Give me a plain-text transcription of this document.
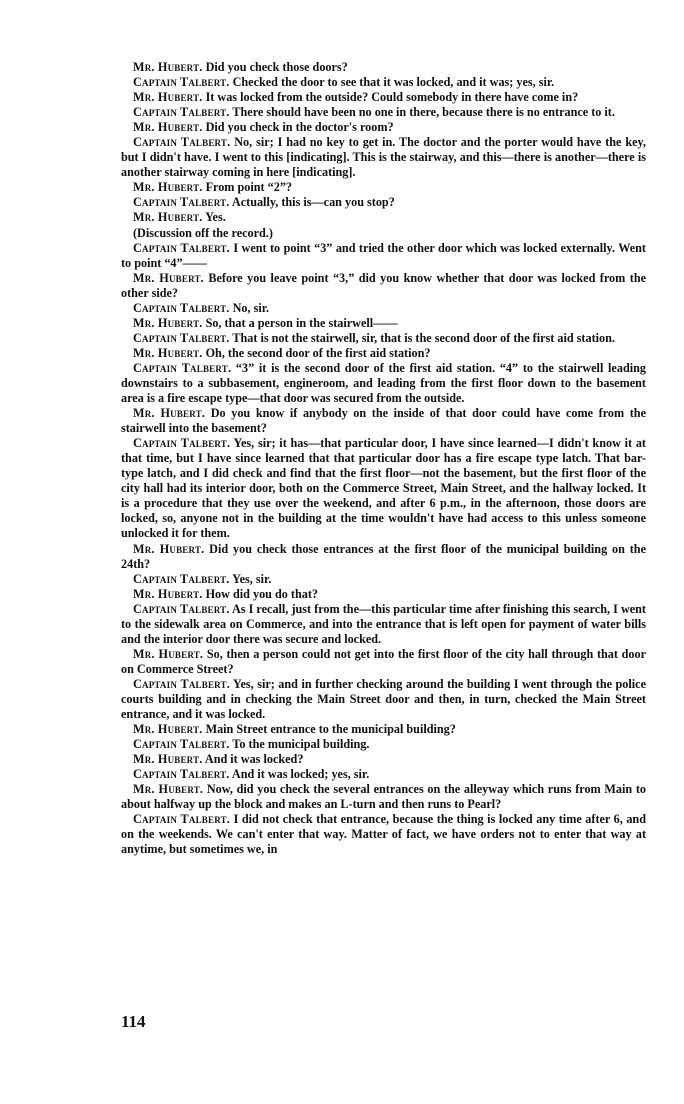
Mr. Hubert. Did you check those doors?

Captain Talbert. Checked the door to see that it was locked, and it was; yes, sir.

Mr. Hubert. It was locked from the outside? Could somebody in there have come in?

Captain Talbert. There should have been no one in there, because there is no entrance to it.

Mr. Hubert. Did you check in the doctor's room?

Captain Talbert. No, sir; I had no key to get in. The doctor and the porter would have the key, but I didn't have. I went to this [indicating]. This is the stairway, and this—there is another—there is another stairway coming in here [indicating].

Mr. Hubert. From point “2”?

Captain Talbert. Actually, this is—can you stop?

Mr. Hubert. Yes.

(Discussion off the record.)

Captain Talbert. I went to point “3” and tried the other door which was locked externally. Went to point “4”——

Mr. Hubert. Before you leave point “3,” did you know whether that door was locked from the other side?

Captain Talbert. No, sir.

Mr. Hubert. So, that a person in the stairwell——

Captain Talbert. That is not the stairwell, sir, that is the second door of the first aid station.

Mr. Hubert. Oh, the second door of the first aid station?

Captain Talbert. “3” it is the second door of the first aid station. “4” to the stairwell leading downstairs to a subbasement, engineroom, and leading from the first floor down to the basement area is a fire escape type—that door was secured from the outside.

Mr. Hubert. Do you know if anybody on the inside of that door could have come from the stairwell into the basement?

Captain Talbert. Yes, sir; it has—that particular door, I have since learned—I didn't know it at that time, but I have since learned that that particular door has a fire escape type latch. That bar-type latch, and I did check and find that the first floor—not the basement, but the first floor of the city hall had its interior door, both on the Commerce Street, Main Street, and the hallway locked. It is a procedure that they use over the weekend, and after 6 p.m., in the afternoon, those doors are locked, so, anyone not in the building at the time wouldn't have had access to this unless someone unlocked it for them.

Mr. Hubert. Did you check those entrances at the first floor of the municipal building on the 24th?

Captain Talbert. Yes, sir.

Mr. Hubert. How did you do that?

Captain Talbert. As I recall, just from the—this particular time after finishing this search, I went to the sidewalk area on Commerce, and into the entrance that is left open for payment of water bills and the interior door there was secure and locked.

Mr. Hubert. So, then a person could not get into the first floor of the city hall through that door on Commerce Street?

Captain Talbert. Yes, sir; and in further checking around the building I went through the police courts building and in checking the Main Street door and then, in turn, checked the Main Street entrance, and it was locked.

Mr. Hubert. Main Street entrance to the municipal building?

Captain Talbert. To the municipal building.

Mr. Hubert. And it was locked?

Captain Talbert. And it was locked; yes, sir.

Mr. Hubert. Now, did you check the several entrances on the alleyway which runs from Main to about halfway up the block and makes an L-turn and then runs to Pearl?

Captain Talbert. I did not check that entrance, because the thing is locked any time after 6, and on the weekends. We can't enter that way. Matter of fact, we have orders not to enter that way at anytime, but sometimes we, in

114
